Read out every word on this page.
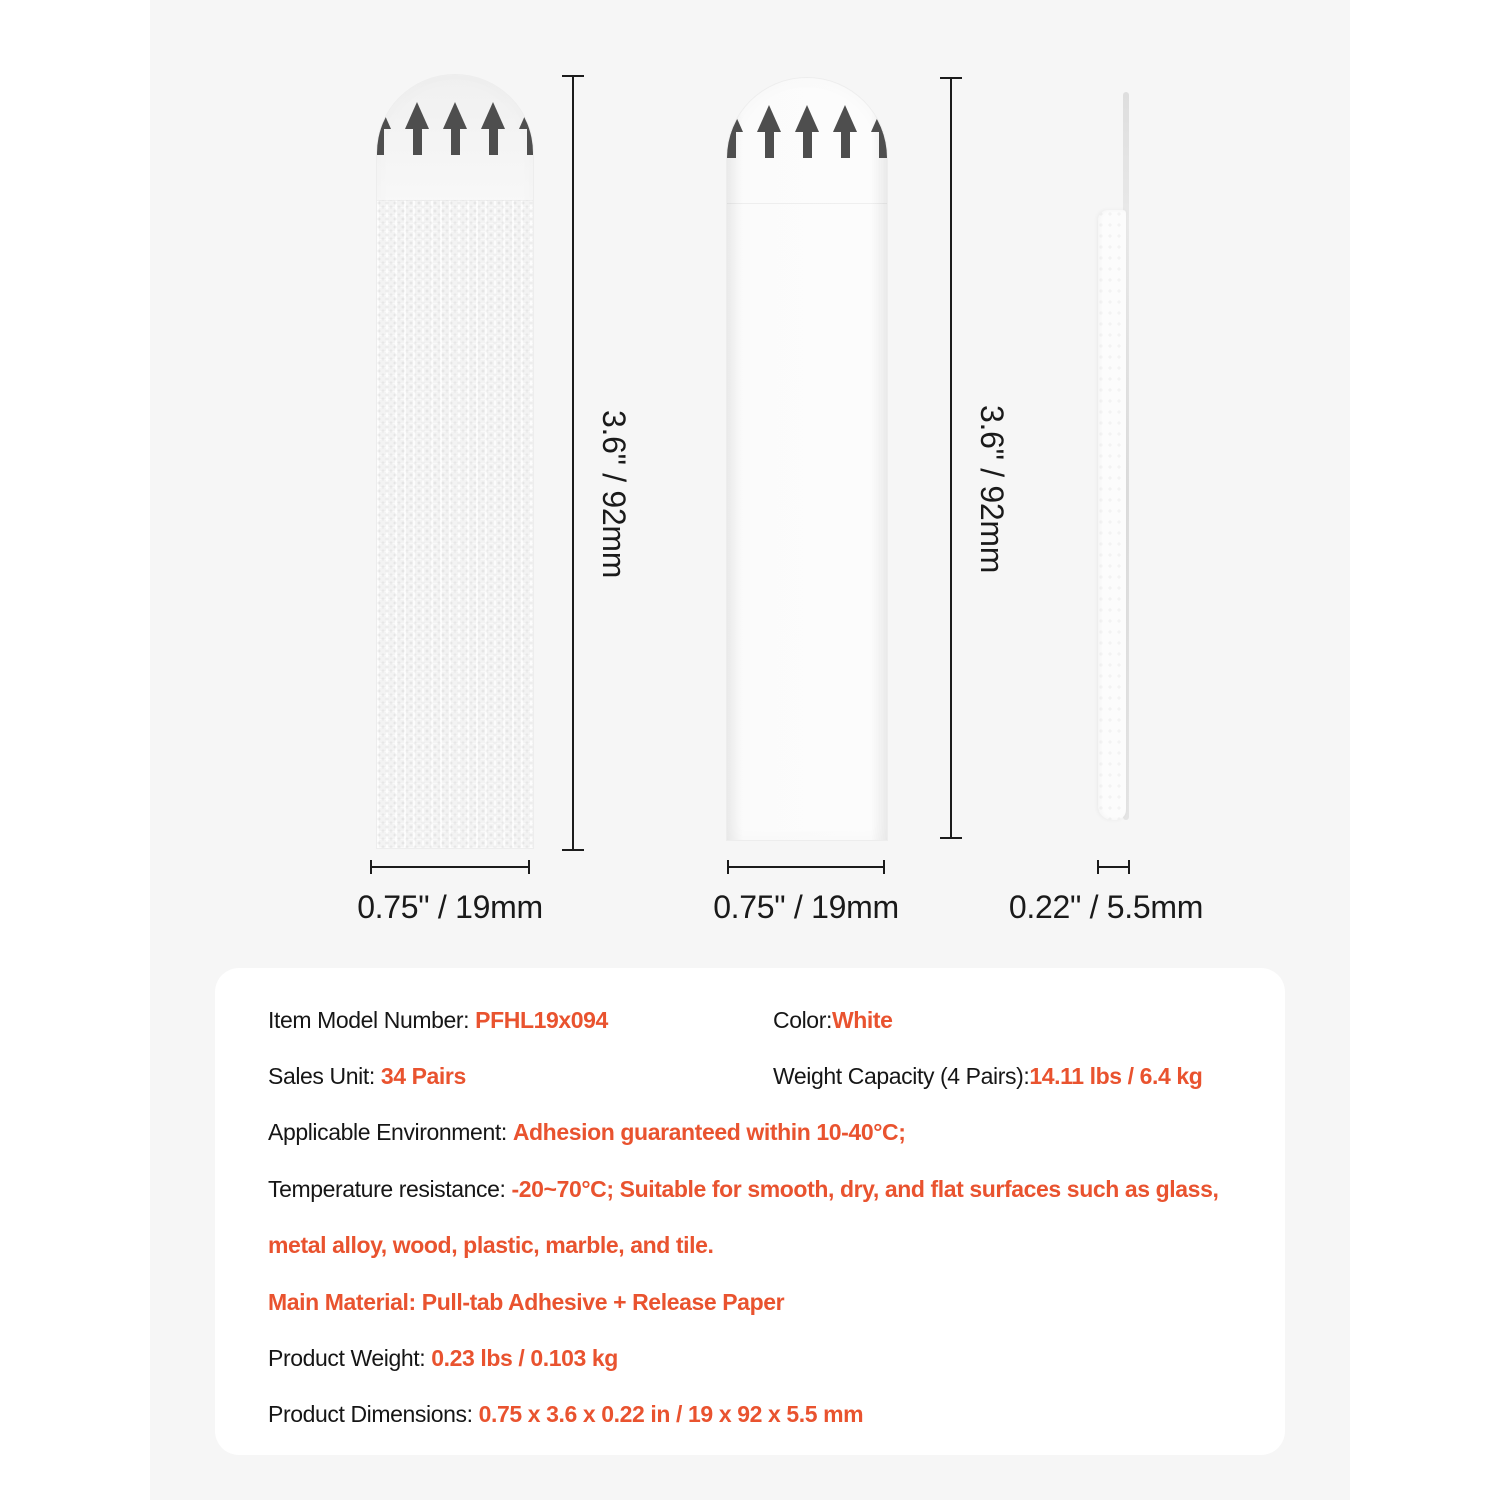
3.6" / 92mm	3.6" / 92mm
0.75" / 19mm	0.75" / 19mm	0.22" / 5.5mm

Item Model Number: PFHL19x094	Color: White

Sales Unit: 34 Pairs	Weight Capacity (4 Pairs): 14.11 lbs / 6.4 kg

Applicable Environment: Adhesion guaranteed within 10-40°C;

Temperature resistance: -20~70°C; Suitable for smooth, dry, and flat surfaces such as glass,

metal alloy, wood, plastic, marble, and tile.

Main Material: Pull-tab Adhesive + Release Paper

Product Weight: 0.23 lbs / 0.103 kg

Product Dimensions: 0.75 x 3.6 x 0.22 in / 19 x 92 x 5.5 mm
